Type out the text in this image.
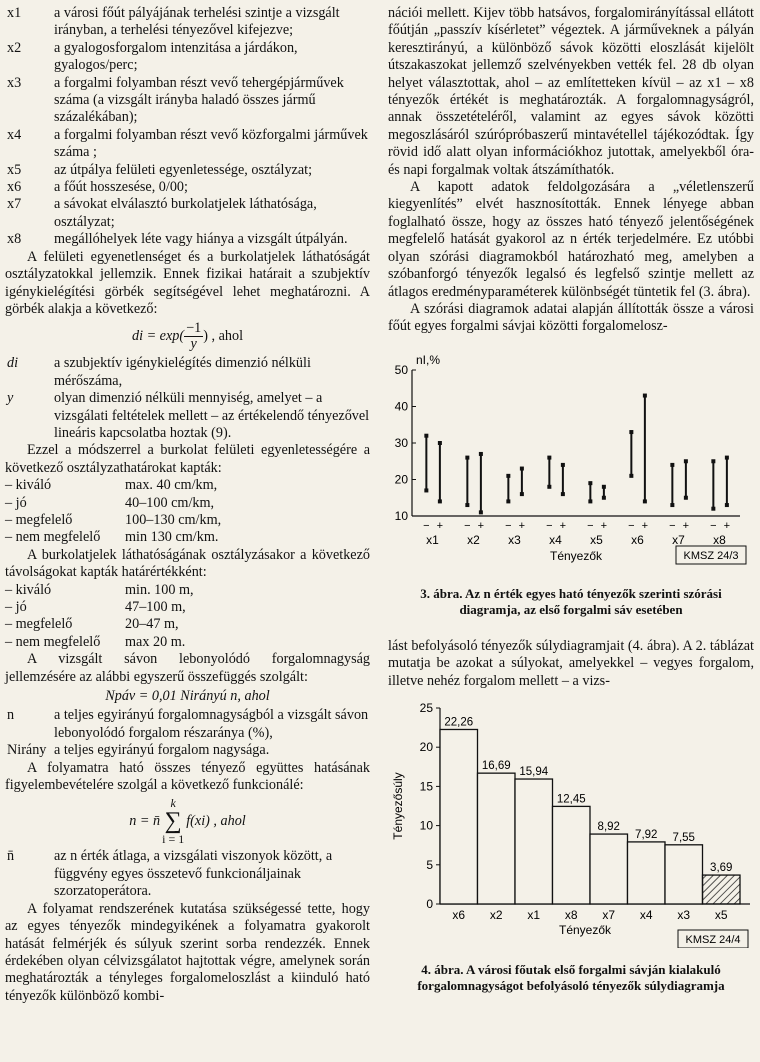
x1	a városi főút pályájának terhelési szintje a vizsgált irányban, a terhelési tényezővel kifejezve;
x2	a gyalogosforgalom intenzitása a járdákon, gyalogos/perc;
x3	a forgalmi folyamban részt vevő tehergépjárművek száma (a vizsgált irányba haladó összes jármű százalékában);
x4	a forgalmi folyamban részt vevő közforgalmi járművek száma ;
x5	az útpálya felületi egyenletessége, osztályzat;
x6	a főút hosszesése, 0/00;
x7	a sávokat elválasztó burkolatjelek láthatósága, osztályzat;
x8	megállóhelyek léte vagy hiánya a vizsgált útpályán.

A felületi egyenetlenséget és a burkolatjelek láthatóságát osztályzatokkal jellemzik. Ennek fizikai határait a szubjektív igénykielégítési görbék segítségével lehet meghatározni. A görbék alakja a következő:

di = $\exp( \frac{-1}{y}$ ) , ahol
di	a szubjektív igénykielégítés dimenzió nélküli mérőszáma,
y	olyan dimenzió nélküli mennyiség, amelyet – a vizsgálati feltételek mellett – az értékelendő tényezővel lineáris kapcsolatba hoztak (9).

Ezzel a módszerrel a burkolat felületi egyenletességére a következő osztályzathatárokat kapták:

– kiváló	max. 40 cm/km,
– jó	40–100 cm/km,
– megfelelő	100–130 cm/km,
– nem megfelelő	min 130 cm/km.

A burkolatjelek láthatóságának osztályzásakor a következő távolságokat kapták határértékként:

– kiváló	min. 100 m,
– jó	47–100 m,
– megfelelő	20–47 m,
– nem megfelelő	max 20 m.

A vizsgált sávon lebonyolódó forgalomnagyság jellemzésére az alábbi egyszerű összefüggés szolgált:

Npáv = 0,01 Nirányú n, ahol
n	a teljes egyirányú forgalomnagyságból a vizsgált sávon lebonyolódó forgalom részaránya (%),
Nirány a teljes egyirányú forgalom nagysága.

A folyamatra ható összes tényező együttes hatásának figyelembevételére szolgál a következő funkcionálé:

n = n̄
k
∑
i = 1
f(xi) , ahol
n̄	az n érték átlaga, a vizsgálati viszonyok között, a függvény egyes összetevő funkcionáljainak szorzatoperátora.

A folyamat rendszerének kutatása szükségessé tette, hogy az egyes tényezők mindegyikének a folyamatra gyakorolt hatását felmérjék és súlyuk szerint sorba rendezzék. Ennek érdekében olyan célvizsgálatot hajtottak végre, amelynek során meghatározták a tényleges forgalomeloszlást a kiinduló ható tényezők különböző kombi-

nációi mellett. Kijev több hatsávos, forgalomirányítással ellátott főútján „passzív kísérletet” végeztek. A járműveknek a pályán keresztirányú, a különböző sávok közötti eloszlását kijelölt útszakaszokat jellemző szelvényekben vették fel. 28 db olyan helyet választottak, ahol – az említetteken kívül – az x1 – x8 tényezők értékét is meghatározták. A forgalomnagyságról, annak összetételéről, valamint az egyes sávok közötti megoszlásáról szúrópróbaszerű mintavétellel tájékozódtak. Így rövid idő alatt olyan információkhoz jutottak, amelyekből óra- és napi forgalmak voltak átszámíthatók.

A kapott adatok feldolgozására a „véletlenszerű kiegyenlítés” elvét hasznosították. Ennek lényege abban foglalható össze, hogy az összes ható tényező jelentőségének megfelelő hatását gyakorol az n érték terjedelmére. Ez utóbbi olyan szórási diagramokból határozható meg, amelyben a szóbanforgó tényezők legalsó és legfelső szintje mellett az átlagos eredményparaméterek különbségét tüntetik fel (3. ábra).

A szórási diagramok adatai alapján állították össze a városi főút egyes forgalmi sávjai közötti forgalomelosz-

nI,%
10
20
30
40
50
− +
x1
− +
x2
− +
x3
− +
x4
− +
x5
− +
x6
− +
x7
− +
x8
Tényezők	KMSZ 24/3
3. ábra. Az n érték egyes ható tényezők szerinti szórási diagramja, az első forgalmi sáv esetében

lást befolyásoló tényezők súlydiagramjait (4. ábra). A 2. táblázat mutatja be azokat a súlyokat, amelyekkel – vegyes forgalom, illetve nehéz forgalom mellett – a vizs-

Tényezősúly
0
5
10
15
20
25
22,26
x6
16,69
x2
15,94
x1
12,45
x8
8,92
x7
7,92
x4
7,55
x3
3,69
x5
Tényezők
KMSZ 24/4
4. ábra. A városi főutak első forgalmi sávján kialakuló forgalomnagyságot befolyásoló tényezők súlydiagramja
